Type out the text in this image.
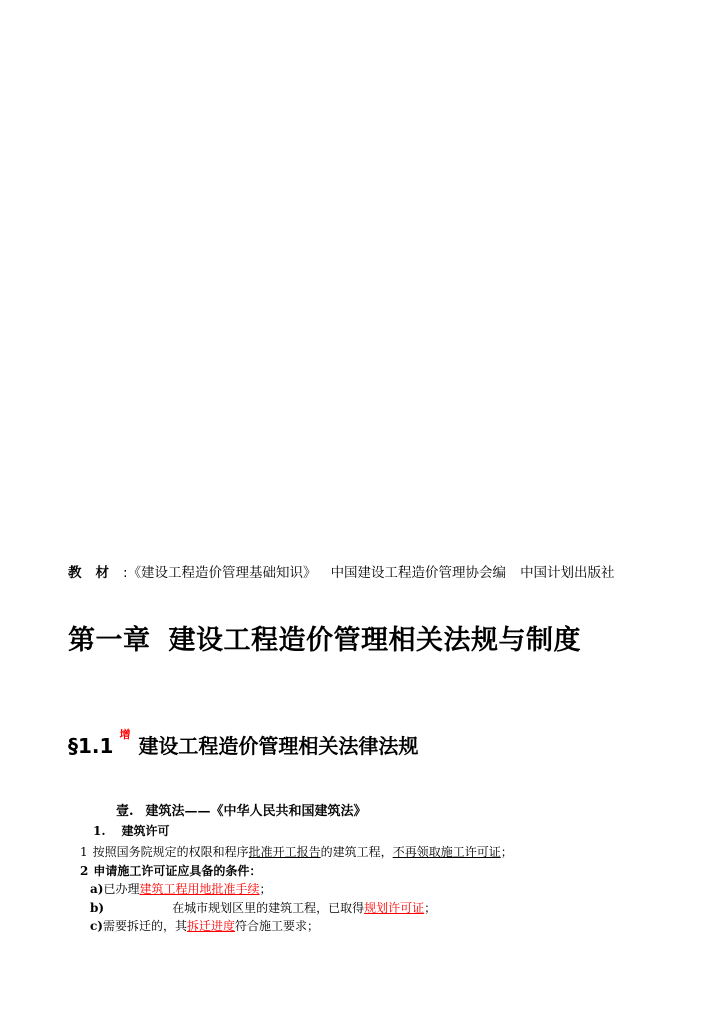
教材:《建设工程造价管理基础知识》 中国建设工程造价管理协会编 中国计划出版社
第一章 建设工程造价管理相关法规与制度
§1.1 $^增$ 建设工程造价管理相关法律法规
壹. 建筑法——《中华人民共和国建筑法》
1. 建筑许可
1 按照国务院规定的权限和程序批准开工报告的建筑工程，不再领取施工许可证；
2 申请施工许可证应具备的条件：
a)已办理建筑工程用地批准手续；
b)	在城市规划区里的建筑工程，已取得规划许可证；
c)需要拆迁的，其拆迁进度符合施工要求；
